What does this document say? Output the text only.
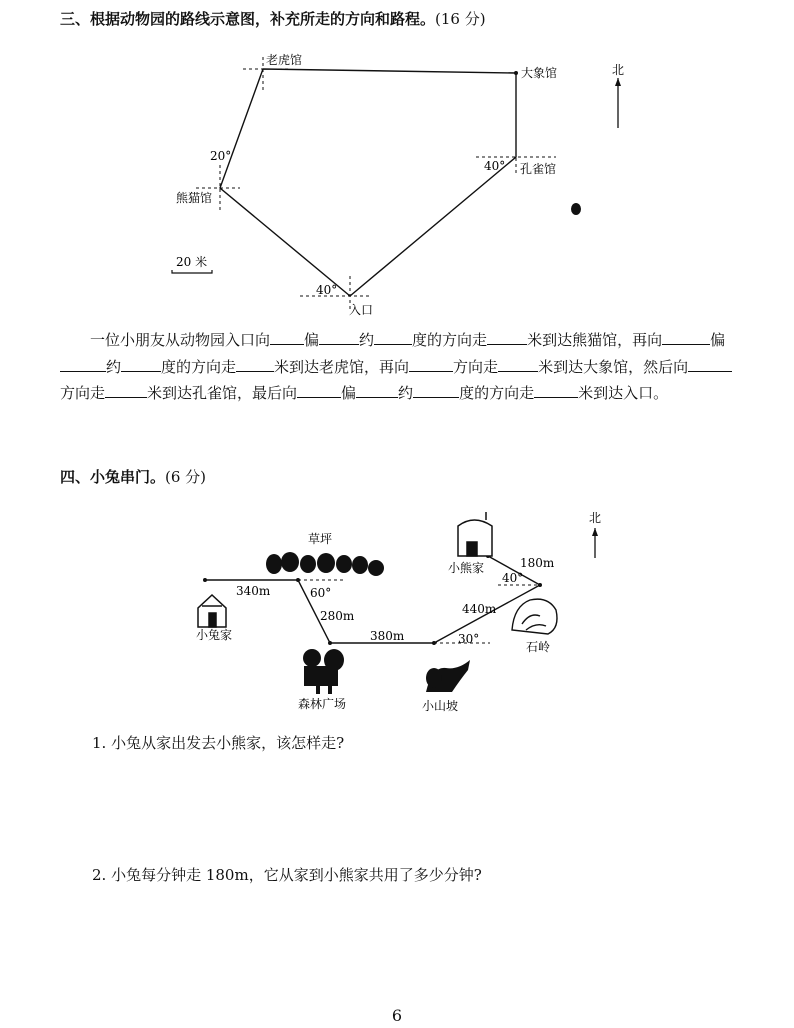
三、根据动物园的路线示意图，补充所走的方向和路程。(16 分)
老虎馆
大象馆
孔雀馆
熊猫馆
入口
20°
40°
40°
北
20 米
一位小朋友从动物园入口向 偏	约	度的方向走	米到达熊猫馆，再向	偏约	度的方向走	米到达老虎馆，再向	方向走	米到达大象馆，然后向方向走	米到达孔雀馆，最后向	偏	约	度的方向走	米到达入口。
四、小兔串门。(6 分)
草坪
小兔家
森林广场	小山坡
石岭
小熊家
340m
280m
380m
440m
180m
60°
30°
40°
北
1. 小兔从家出发去小熊家，该怎样走?
2. 小兔每分钟走 180m，它从家到小熊家共用了多少分钟?
6
